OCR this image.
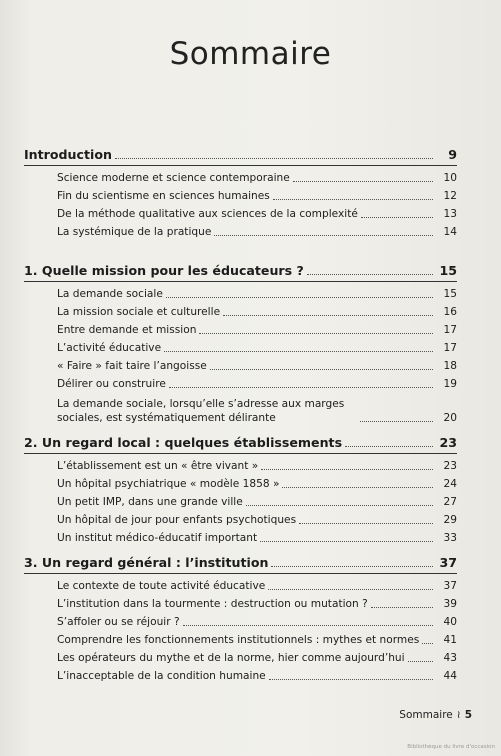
Sommaire
Introduction	9
Science moderne et science contemporaine	10
Fin du scientisme en sciences humaines	12
De la méthode qualitative aux sciences de la complexité	13
La systémique de la pratique	14
1. Quelle mission pour les éducateurs ?	15
La demande sociale	15
La mission sociale et culturelle	16
Entre demande et mission	17
L’activité éducative	17
« Faire » fait taire l’angoisse	18
Délirer ou construire	19
La demande sociale, lorsqu’elle s’adresse aux marges sociales, est systématiquement délirante	20
2. Un regard local : quelques établissements	23
L’établissement est un « être vivant »	23
Un hôpital psychiatrique « modèle 1858 »	24
Un petit IMP, dans une grande ville	27
Un hôpital de jour pour enfants psychotiques	29
Un institut médico-éducatif important	33
3. Un regard général : l’institution	37
Le contexte de toute activité éducative	37
L’institution dans la tourmente : destruction ou mutation ?	39
S’affoler ou se réjouir ?	40
Comprendre les fonctionnements institutionnels : mythes et normes	41
Les opérateurs du mythe et de la norme, hier comme aujourd’hui	43
L’inacceptable de la condition humaine	44
Sommaire ≀ 5
Bibliothèque du livre d'occasion
